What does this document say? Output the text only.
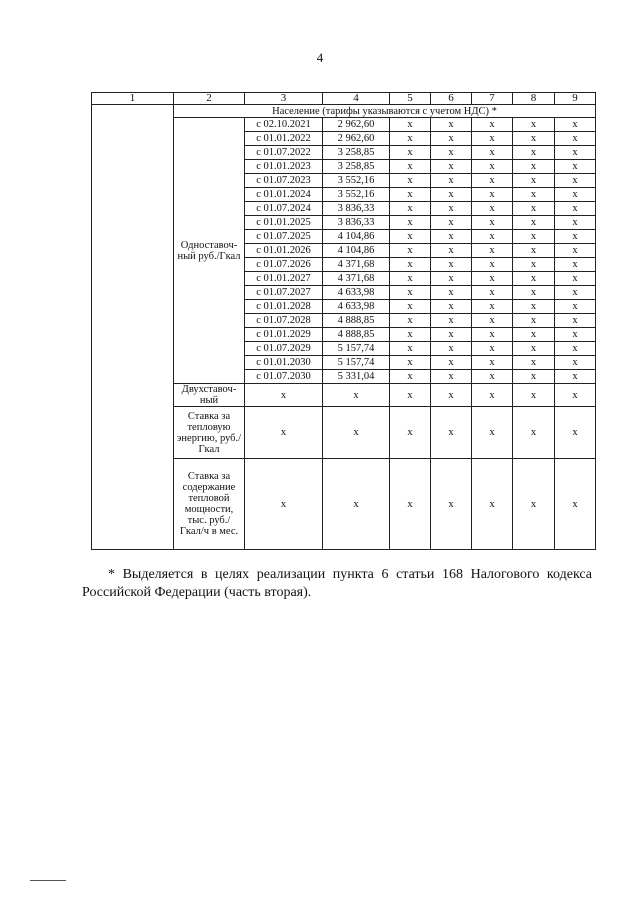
4
1	2	3	4	5	6	7	8	9
	Население (тарифы указываются с учетом НДС) *							
	Одноставоч-ный руб./Гкал	с 02.10.2021	2 962,60	х	х	х	х	х
		с 01.01.2022	2 962,60	х	х	х	х	х
		с 01.07.2022	3 258,85	х	х	х	х	х
		с 01.01.2023	3 258,85	х	х	х	х	х
		с 01.07.2023	3 552,16	х	х	х	х	х
		с 01.01.2024	3 552,16	х	х	х	х	х
		с 01.07.2024	3 836,33	х	х	х	х	х
		с 01.01.2025	3 836,33	х	х	х	х	х
		с 01.07.2025	4 104,86	х	х	х	х	х
		с 01.01.2026	4 104,86	х	х	х	х	х
		с 01.07.2026	4 371,68	х	х	х	х	х
		с 01.01.2027	4 371,68	х	х	х	х	х
		с 01.07.2027	4 633,98	х	х	х	х	х
		с 01.01.2028	4 633,98	х	х	х	х	х
		с 01.07.2028	4 888,85	х	х	х	х	х
		с 01.01.2029	4 888,85	х	х	х	х	х
		с 01.07.2029	5 157,74	х	х	х	х	х
		с 01.01.2030	5 157,74	х	х	х	х	х
		с 01.07.2030	5 331,04	х	х	х	х	х

	Двухставоч-ный	х	х	х	х	х	х	х
	Ставка за тепловую энергию, руб./Гкал	х	х	х	х	х	х	х
	Ставка за содержание тепловой мощности, тыс. руб./Гкал/ч в мес.	х	х	х	х	х	х	х
* Выделяется в целях реализации пункта 6 статьи 168 Налогового кодекса Российской Федерации (часть вторая).
